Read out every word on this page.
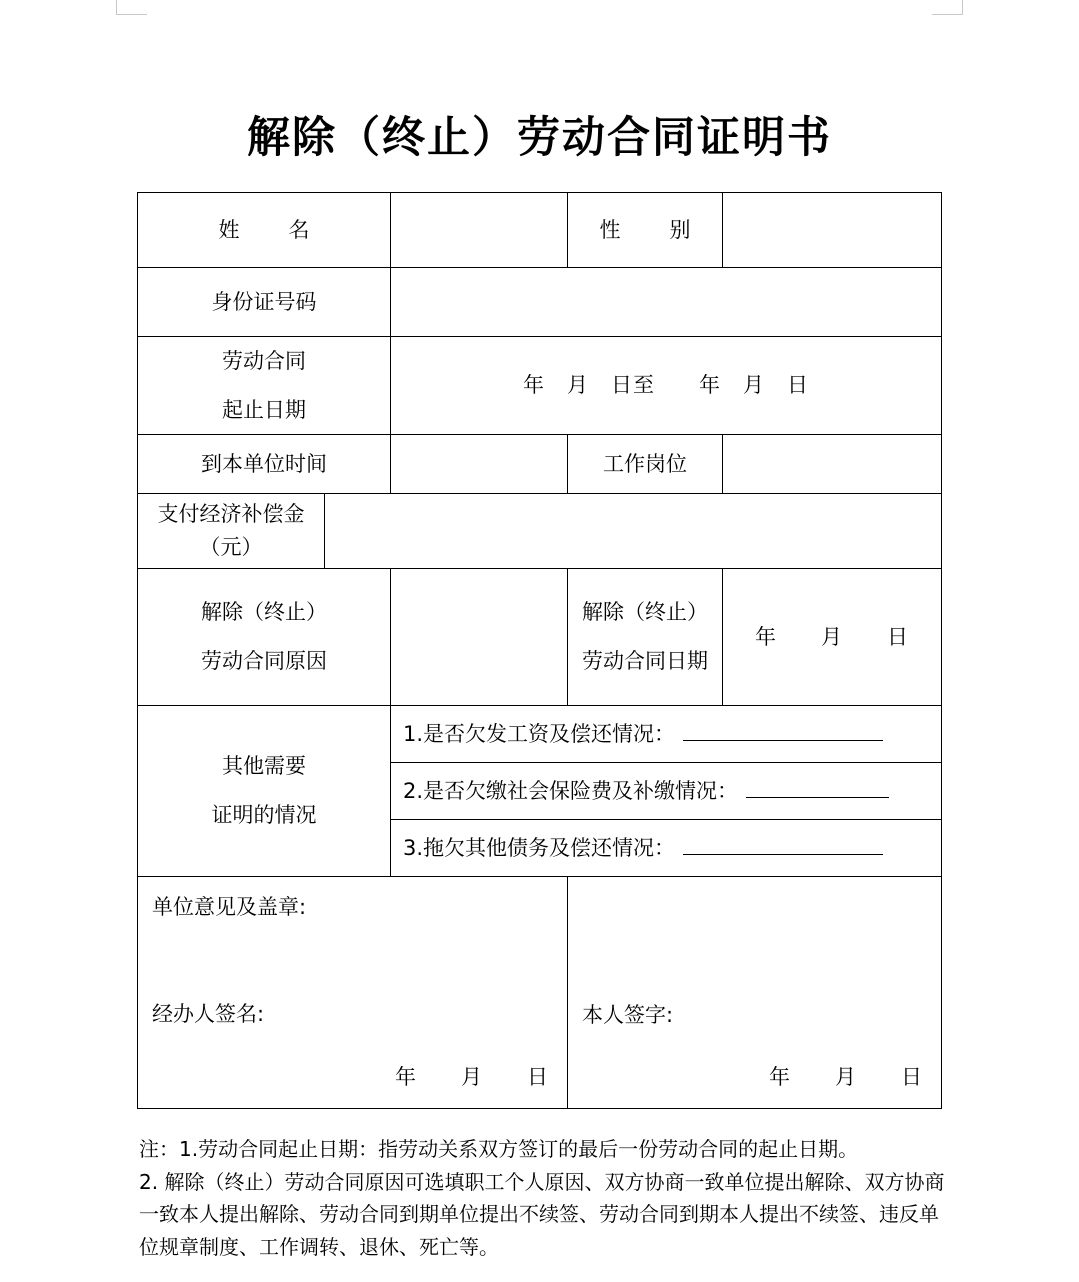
解除（终止）劳动合同证明书
姓　名		性　别	
身份证号码	

劳动合同
起止日期
	年　月　日至　　年　月　日
到本单位时间		工作岗位	
支付经济补偿金（元）	

解除（终止）
劳动合同原因

解除（终止）
劳动合同日期
	年　　月　　日

其他需要
证明的情况

1.是否欠发工资及偿还情况：
2.是否欠缴社会保险费及补缴情况：
3.拖欠其他债务及偿还情况：

单位意见及盖章:
经办人签名:
年　　月　　日

本人签字:
年　　月　　日

注：1.劳动合同起止日期：指劳动关系双方签订的最后一份劳动合同的起止日期。

2. 解除（终止）劳动合同原因可选填职工个人原因、双方协商一致单位提出解除、双方协商一致本人提出解除、劳动合同到期单位提出不续签、劳动合同到期本人提出不续签、违反单位规章制度、工作调转、退休、死亡等。
